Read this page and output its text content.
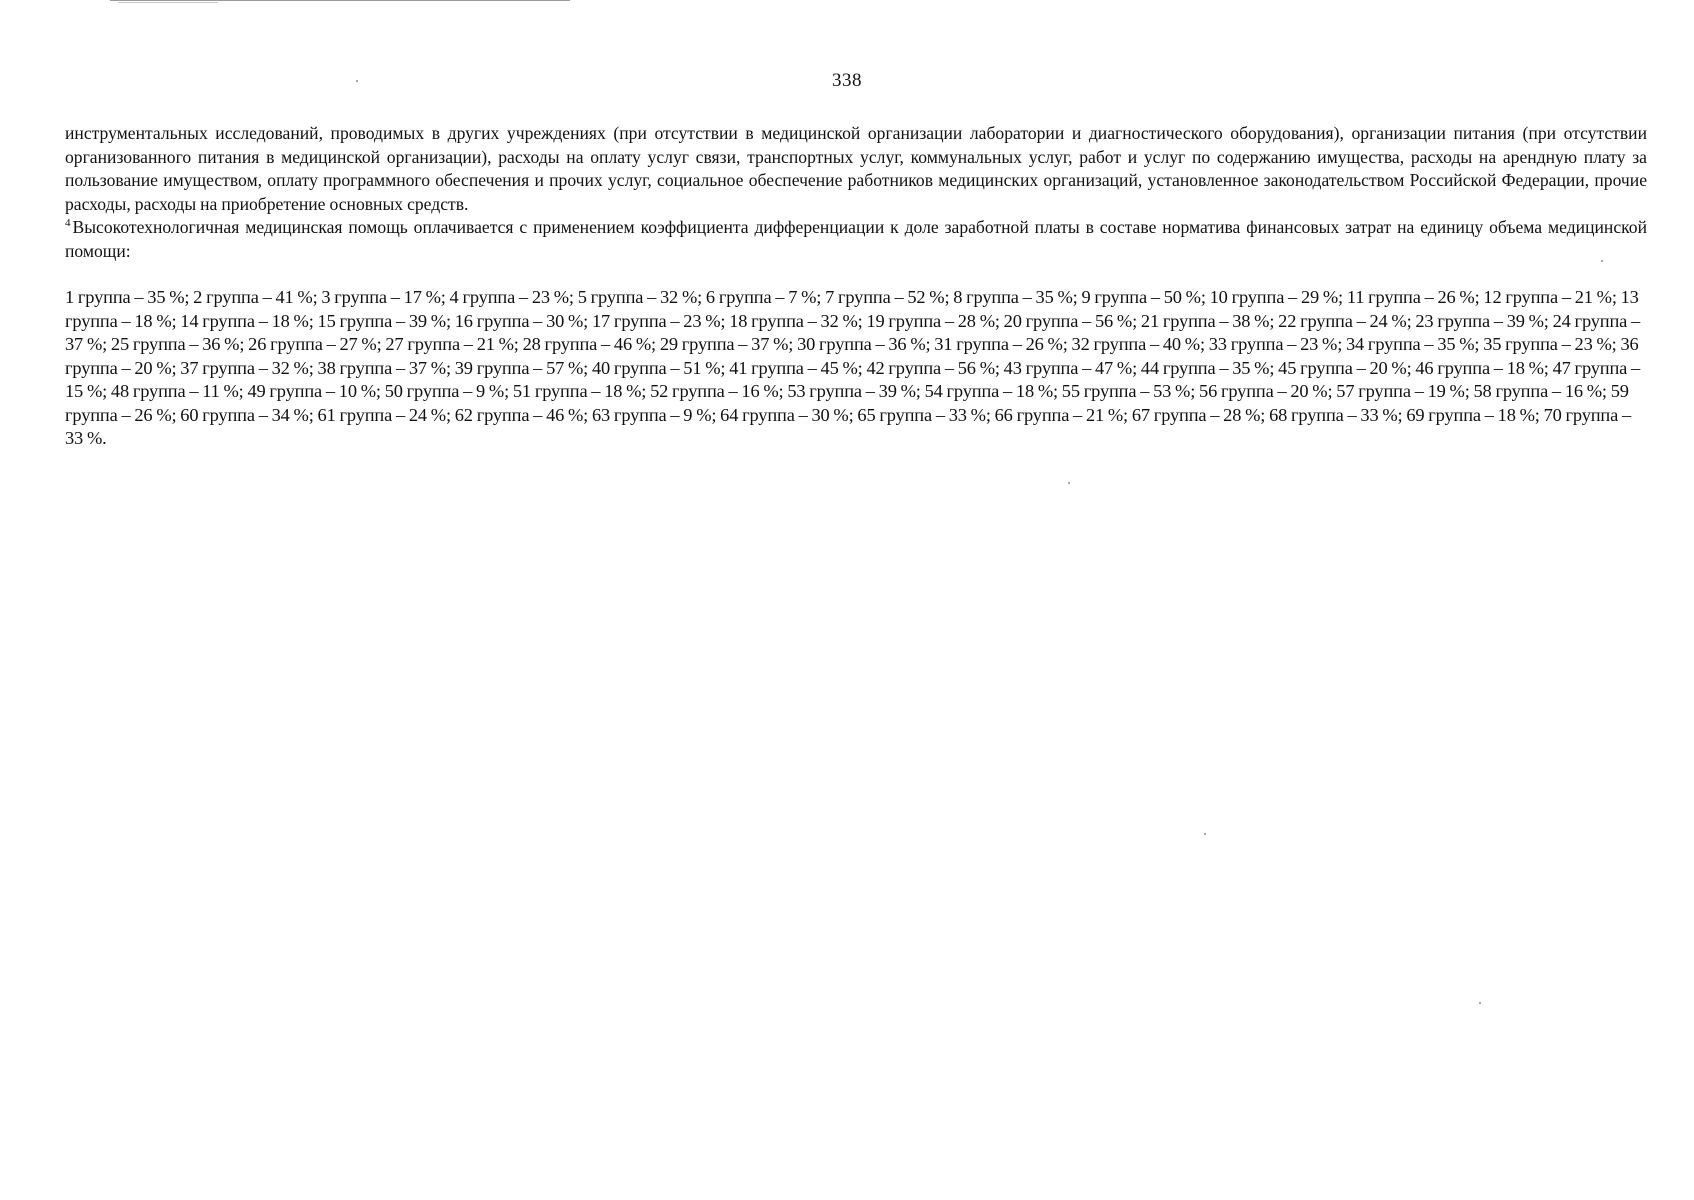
338

инструментальных исследований, проводимых в других учреждениях (при отсутствии в медицинской организации лаборатории и диагностического оборудования), организации питания (при отсутствии организованного питания в медицинской организации), расходы на оплату услуг связи, транспортных услуг, коммунальных услуг, работ и услуг по содержанию имущества, расходы на арендную плату за пользование имуществом, оплату программного обеспечения и прочих услуг, социальное обеспечение работников медицинских организаций, установленное законодательством Российской Федерации, прочие расходы, расходы на приобретение основных средств.

$^4$ Высокотехнологичная медицинская помощь оплачивается с применением коэффициента дифференциации к доле заработной платы в составе норматива финансовых затрат на единицу объема медицинской помощи:

1 группа – 35 %; 2 группа – 41 %; 3 группа – 17 %; 4 группа – 23 %; 5 группа – 32 %; 6 группа – 7 %; 7 группа – 52 %; 8 группа – 35 %; 9 группа – 50 %; 10 группа – 29 %; 11 группа – 26 %; 12 группа – 21 %; 13 группа – 18 %; 14 группа – 18 %; 15 группа – 39 %; 16 группа – 30 %; 17 группа – 23 %; 18 группа – 32 %; 19 группа – 28 %; 20 группа – 56 %; 21 группа – 38 %; 22 группа – 24 %; 23 группа – 39 %; 24 группа – 37 %; 25 группа – 36 %; 26 группа – 27 %; 27 группа – 21 %; 28 группа – 46 %; 29 группа – 37 %; 30 группа – 36 %; 31 группа – 26 %; 32 группа – 40 %; 33 группа – 23 %; 34 группа – 35 %; 35 группа – 23 %; 36 группа – 20 %; 37 группа – 32 %; 38 группа – 37 %; 39 группа – 57 %; 40 группа – 51 %; 41 группа – 45 %; 42 группа – 56 %; 43 группа – 47 %; 44 группа – 35 %; 45 группа – 20 %; 46 группа – 18 %; 47 группа – 15 %; 48 группа – 11 %; 49 группа – 10 %; 50 группа – 9 %; 51 группа – 18 %; 52 группа – 16 %; 53 группа – 39 %; 54 группа – 18 %; 55 группа – 53 %; 56 группа – 20 %; 57 группа – 19 %; 58 группа – 16 %; 59 группа – 26 %; 60 группа – 34 %; 61 группа – 24 %; 62 группа – 46 %; 63 группа – 9 %; 64 группа – 30 %; 65 группа – 33 %; 66 группа – 21 %; 67 группа – 28 %; 68 группа – 33 %; 69 группа – 18 %; 70 группа – 33 %.
